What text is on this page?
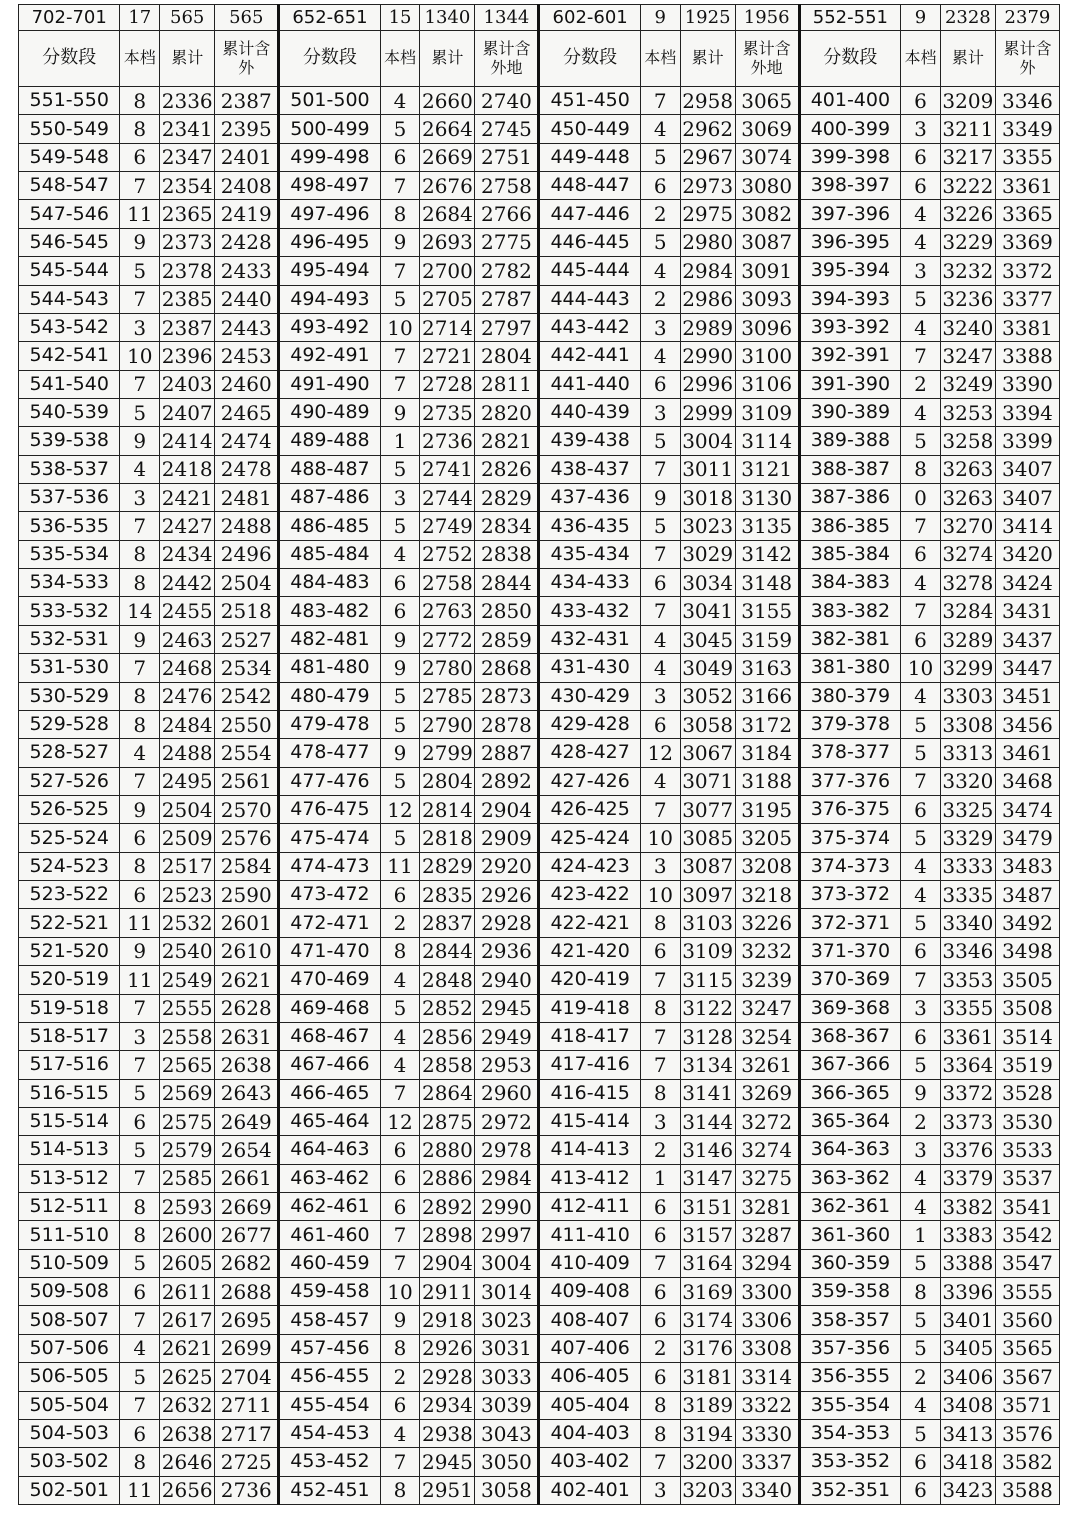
702-701	17	565	565	652-651	15	1340	1344	602-601	9	1925	1956	552-551	9	2328	2379
分数段	本档	累计	累计含外	分数段	本档	累计	累计含外地	分数段	本档	累计	累计含外地	分数段	本档	累计	累计含外
551-550	8	2336	2387	501-500	4	2660	2740	451-450	7	2958	3065	401-400	6	3209	3346
550-549	8	2341	2395	500-499	5	2664	2745	450-449	4	2962	3069	400-399	3	3211	3349
549-548	6	2347	2401	499-498	6	2669	2751	449-448	5	2967	3074	399-398	6	3217	3355
548-547	7	2354	2408	498-497	7	2676	2758	448-447	6	2973	3080	398-397	6	3222	3361
547-546	11	2365	2419	497-496	8	2684	2766	447-446	2	2975	3082	397-396	4	3226	3365
546-545	9	2373	2428	496-495	9	2693	2775	446-445	5	2980	3087	396-395	4	3229	3369
545-544	5	2378	2433	495-494	7	2700	2782	445-444	4	2984	3091	395-394	3	3232	3372
544-543	7	2385	2440	494-493	5	2705	2787	444-443	2	2986	3093	394-393	5	3236	3377
543-542	3	2387	2443	493-492	10	2714	2797	443-442	3	2989	3096	393-392	4	3240	3381
542-541	10	2396	2453	492-491	7	2721	2804	442-441	4	2990	3100	392-391	7	3247	3388
541-540	7	2403	2460	491-490	7	2728	2811	441-440	6	2996	3106	391-390	2	3249	3390
540-539	5	2407	2465	490-489	9	2735	2820	440-439	3	2999	3109	390-389	4	3253	3394
539-538	9	2414	2474	489-488	1	2736	2821	439-438	5	3004	3114	389-388	5	3258	3399
538-537	4	2418	2478	488-487	5	2741	2826	438-437	7	3011	3121	388-387	8	3263	3407
537-536	3	2421	2481	487-486	3	2744	2829	437-436	9	3018	3130	387-386	0	3263	3407
536-535	7	2427	2488	486-485	5	2749	2834	436-435	5	3023	3135	386-385	7	3270	3414
535-534	8	2434	2496	485-484	4	2752	2838	435-434	7	3029	3142	385-384	6	3274	3420
534-533	8	2442	2504	484-483	6	2758	2844	434-433	6	3034	3148	384-383	4	3278	3424
533-532	14	2455	2518	483-482	6	2763	2850	433-432	7	3041	3155	383-382	7	3284	3431
532-531	9	2463	2527	482-481	9	2772	2859	432-431	4	3045	3159	382-381	6	3289	3437
531-530	7	2468	2534	481-480	9	2780	2868	431-430	4	3049	3163	381-380	10	3299	3447
530-529	8	2476	2542	480-479	5	2785	2873	430-429	3	3052	3166	380-379	4	3303	3451
529-528	8	2484	2550	479-478	5	2790	2878	429-428	6	3058	3172	379-378	5	3308	3456
528-527	4	2488	2554	478-477	9	2799	2887	428-427	12	3067	3184	378-377	5	3313	3461
527-526	7	2495	2561	477-476	5	2804	2892	427-426	4	3071	3188	377-376	7	3320	3468
526-525	9	2504	2570	476-475	12	2814	2904	426-425	7	3077	3195	376-375	6	3325	3474
525-524	6	2509	2576	475-474	5	2818	2909	425-424	10	3085	3205	375-374	5	3329	3479
524-523	8	2517	2584	474-473	11	2829	2920	424-423	3	3087	3208	374-373	4	3333	3483
523-522	6	2523	2590	473-472	6	2835	2926	423-422	10	3097	3218	373-372	4	3335	3487
522-521	11	2532	2601	472-471	2	2837	2928	422-421	8	3103	3226	372-371	5	3340	3492
521-520	9	2540	2610	471-470	8	2844	2936	421-420	6	3109	3232	371-370	6	3346	3498
520-519	11	2549	2621	470-469	4	2848	2940	420-419	7	3115	3239	370-369	7	3353	3505
519-518	7	2555	2628	469-468	5	2852	2945	419-418	8	3122	3247	369-368	3	3355	3508
518-517	3	2558	2631	468-467	4	2856	2949	418-417	7	3128	3254	368-367	6	3361	3514
517-516	7	2565	2638	467-466	4	2858	2953	417-416	7	3134	3261	367-366	5	3364	3519
516-515	5	2569	2643	466-465	7	2864	2960	416-415	8	3141	3269	366-365	9	3372	3528
515-514	6	2575	2649	465-464	12	2875	2972	415-414	3	3144	3272	365-364	2	3373	3530
514-513	5	2579	2654	464-463	6	2880	2978	414-413	2	3146	3274	364-363	3	3376	3533
513-512	7	2585	2661	463-462	6	2886	2984	413-412	1	3147	3275	363-362	4	3379	3537
512-511	8	2593	2669	462-461	6	2892	2990	412-411	6	3151	3281	362-361	4	3382	3541
511-510	8	2600	2677	461-460	7	2898	2997	411-410	6	3157	3287	361-360	1	3383	3542
510-509	5	2605	2682	460-459	7	2904	3004	410-409	7	3164	3294	360-359	5	3388	3547
509-508	6	2611	2688	459-458	10	2911	3014	409-408	6	3169	3300	359-358	8	3396	3555
508-507	7	2617	2695	458-457	9	2918	3023	408-407	6	3174	3306	358-357	5	3401	3560
507-506	4	2621	2699	457-456	8	2926	3031	407-406	2	3176	3308	357-356	5	3405	3565
506-505	5	2625	2704	456-455	2	2928	3033	406-405	6	3181	3314	356-355	2	3406	3567
505-504	7	2632	2711	455-454	6	2934	3039	405-404	8	3189	3322	355-354	4	3408	3571
504-503	6	2638	2717	454-453	4	2938	3043	404-403	8	3194	3330	354-353	5	3413	3576
503-502	8	2646	2725	453-452	7	2945	3050	403-402	7	3200	3337	353-352	6	3418	3582
502-501	11	2656	2736	452-451	8	2951	3058	402-401	3	3203	3340	352-351	6	3423	3588
